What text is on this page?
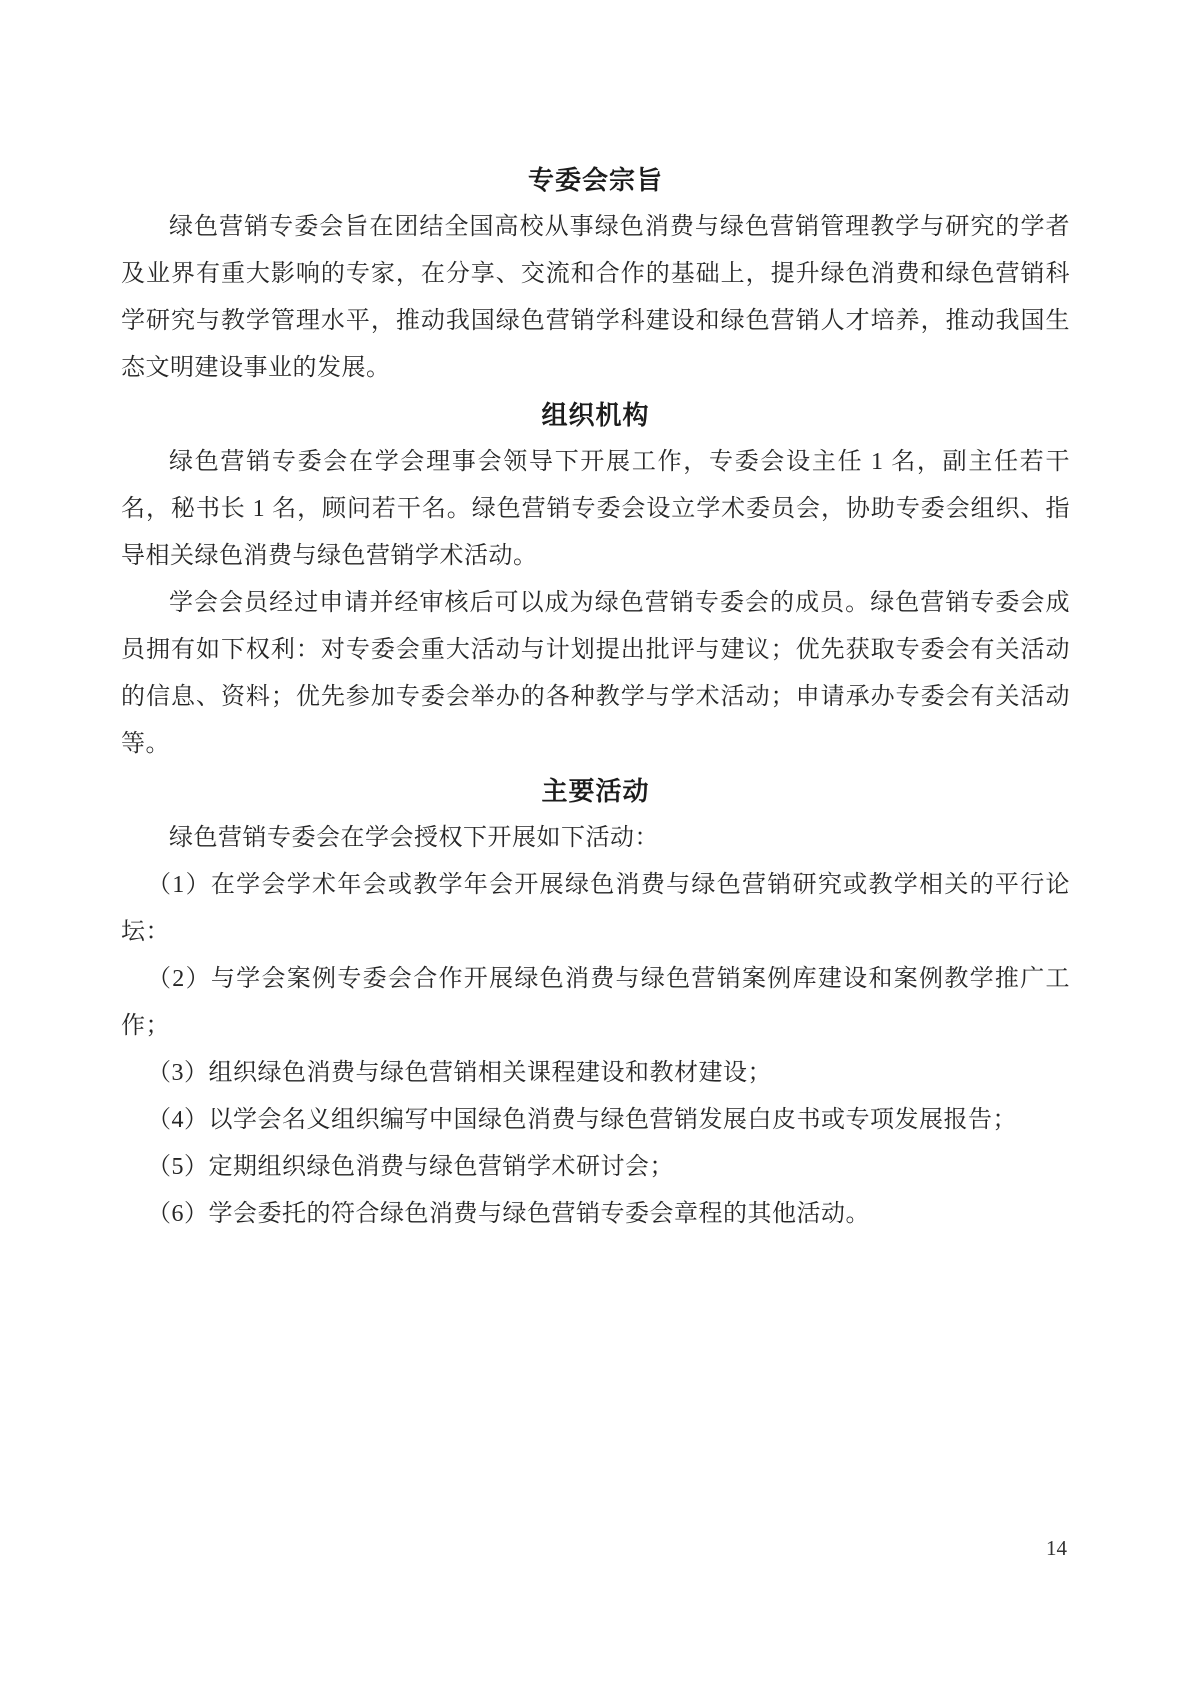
专委会宗旨

绿色营销专委会旨在团结全国高校从事绿色消费与绿色营销管理教学与研究的学者及业界有重大影响的专家，在分享、交流和合作的基础上，提升绿色消费和绿色营销科学研究与教学管理水平，推动我国绿色营销学科建设和绿色营销人才培养，推动我国生态文明建设事业的发展。

组织机构

绿色营销专委会在学会理事会领导下开展工作，专委会设主任 1 名，副主任若干名，秘书长 1 名，顾问若干名。绿色营销专委会设立学术委员会，协助专委会组织、指导相关绿色消费与绿色营销学术活动。

学会会员经过申请并经审核后可以成为绿色营销专委会的成员。绿色营销专委会成员拥有如下权利：对专委会重大活动与计划提出批评与建议；优先获取专委会有关活动的信息、资料；优先参加专委会举办的各种教学与学术活动；申请承办专委会有关活动等。

主要活动

绿色营销专委会在学会授权下开展如下活动：

（1）在学会学术年会或教学年会开展绿色消费与绿色营销研究或教学相关的平行论坛：

（2）与学会案例专委会合作开展绿色消费与绿色营销案例库建设和案例教学推广工作；

（3）组织绿色消费与绿色营销相关课程建设和教材建设；

（4）以学会名义组织编写中国绿色消费与绿色营销发展白皮书或专项发展报告；

（5）定期组织绿色消费与绿色营销学术研讨会；

（6）学会委托的符合绿色消费与绿色营销专委会章程的其他活动。

14
